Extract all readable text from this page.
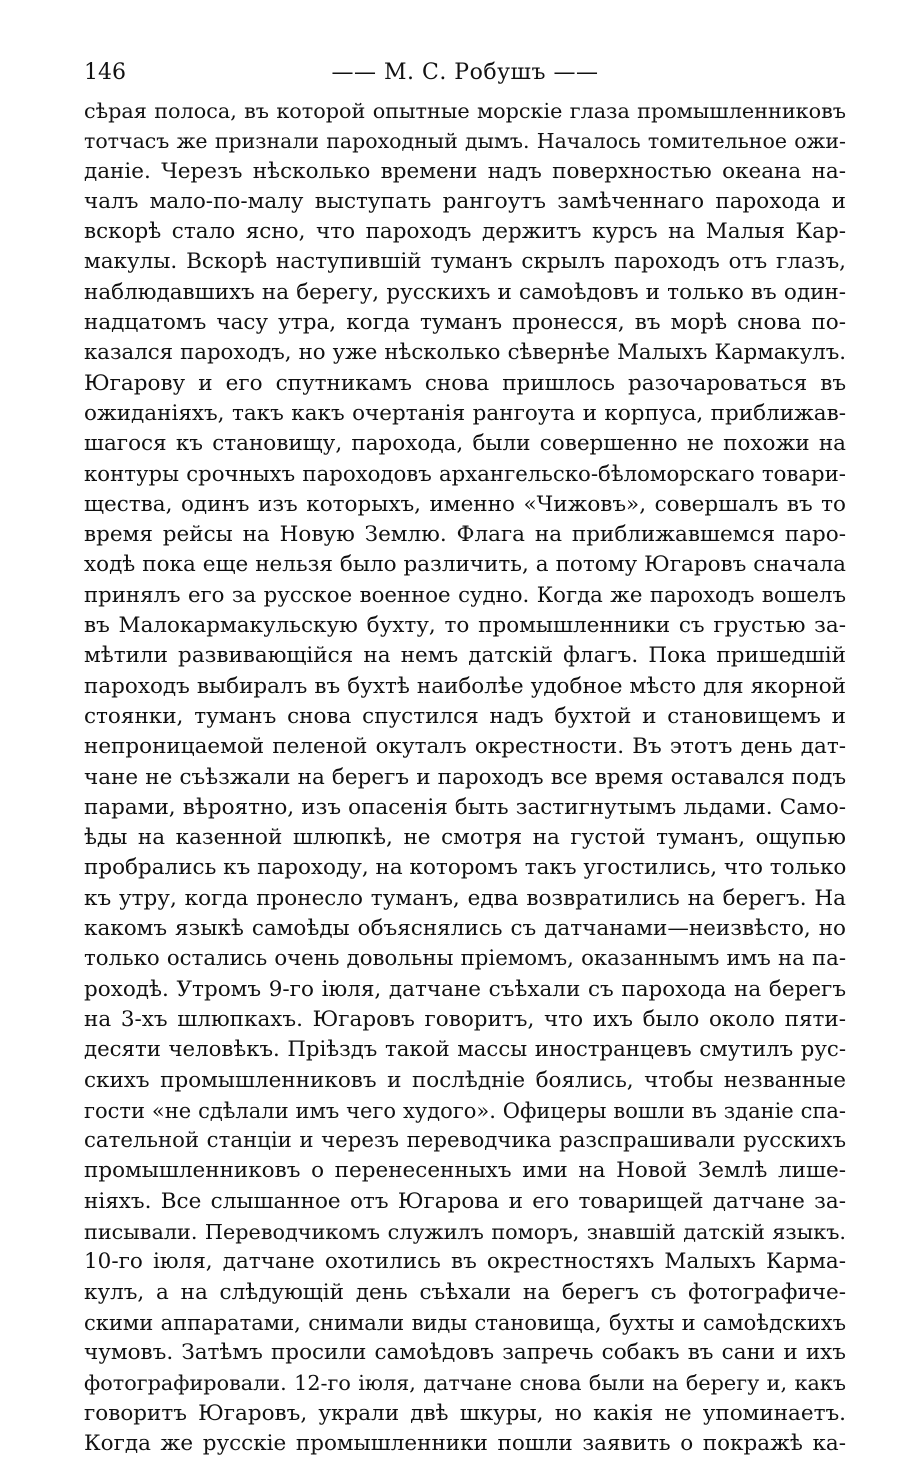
146	—— М. С. Робушъ ——
сѣрая полоса, въ которой опытные морскіе глаза промышленниковъ
тотчасъ же признали пароходный дымъ. Началось томительное ожи-
даніе. Черезъ нѣсколько времени надъ поверхностью океана на-
чалъ мало-по-малу выступать рангоутъ замѣченнаго парохода и
вскорѣ стало ясно, что пароходъ держитъ курсъ на Малыя Кар-
макулы. Вскорѣ наступившій туманъ скрылъ пароходъ отъ глазъ,
наблюдавшихъ на берегу, русскихъ и самоѣдовъ и только въ один-
надцатомъ часу утра, когда туманъ пронесся, въ морѣ снова по-
казался пароходъ, но уже нѣсколько сѣвернѣе Малыхъ Кармакулъ.
Югарову и его спутникамъ снова пришлось разочароваться въ
ожиданіяхъ, такъ какъ очертанія рангоута и корпуса, приближав-
шагося къ становищу, парохода, были совершенно не похожи на
контуры срочныхъ пароходовъ архангельско-бѣломорскаго товари-
щества, одинъ изъ которыхъ, именно «Чижовъ», совершалъ въ то
время рейсы на Новую Землю. Флага на приближавшемся паро-
ходѣ пока еще нельзя было различить, а потому Югаровъ сначала
принялъ его за русское военное судно. Когда же пароходъ вошелъ
въ Малокармакульскую бухту, то промышленники съ грустью за-
мѣтили развивающійся на немъ датскій флагъ. Пока пришедшій
пароходъ выбиралъ въ бухтѣ наиболѣе удобное мѣсто для якорной
стоянки, туманъ снова спустился надъ бухтой и становищемъ и
непроницаемой пеленой окуталъ окрестности. Въ этотъ день дат-
чане не съѣзжали на берегъ и пароходъ все время оставался подъ
парами, вѣроятно, изъ опасенія быть застигнутымъ льдами. Само-
ѣды на казенной шлюпкѣ, не смотря на густой туманъ, ощупью
пробрались къ пароходу, на которомъ такъ угостились, что только
къ утру, когда пронесло туманъ, едва возвратились на берегъ. На
какомъ языкѣ самоѣды объяснялись съ датчанами—неизвѣсто, но
только остались очень довольны пріемомъ, оказаннымъ имъ на па-
роходѣ. Утромъ 9-го іюля, датчане съѣхали съ парохода на берегъ
на 3-хъ шлюпкахъ. Югаровъ говоритъ, что ихъ было около пяти-
десяти человѣкъ. Пріѣздъ такой массы иностранцевъ смутилъ рус-
скихъ промышленниковъ и послѣдніе боялись, чтобы незванные
гости «не сдѣлали имъ чего худого». Офицеры вошли въ зданіе спа-
сательной станціи и черезъ переводчика разспрашивали русскихъ
промышленниковъ о перенесенныхъ ими на Новой Землѣ лише-
ніяхъ. Все слышанное отъ Югарова и его товарищей датчане за-
писывали. Переводчикомъ служилъ поморъ, знавшій датскій языкъ.
10-го іюля, датчане охотились въ окрестностяхъ Малыхъ Карма-
кулъ, а на слѣдующій день съѣхали на берегъ съ фотографиче-
скими аппаратами, снимали виды становища, бухты и самоѣдскихъ
чумовъ. Затѣмъ просили самоѣдовъ запречь собакъ въ сани и ихъ
фотографировали. 12-го іюля, датчане снова были на берегу и, какъ
говоритъ Югаровъ, украли двѣ шкуры, но какія не упоминаетъ.
Когда же русскіе промышленники пошли заявить о покражѣ ка-
